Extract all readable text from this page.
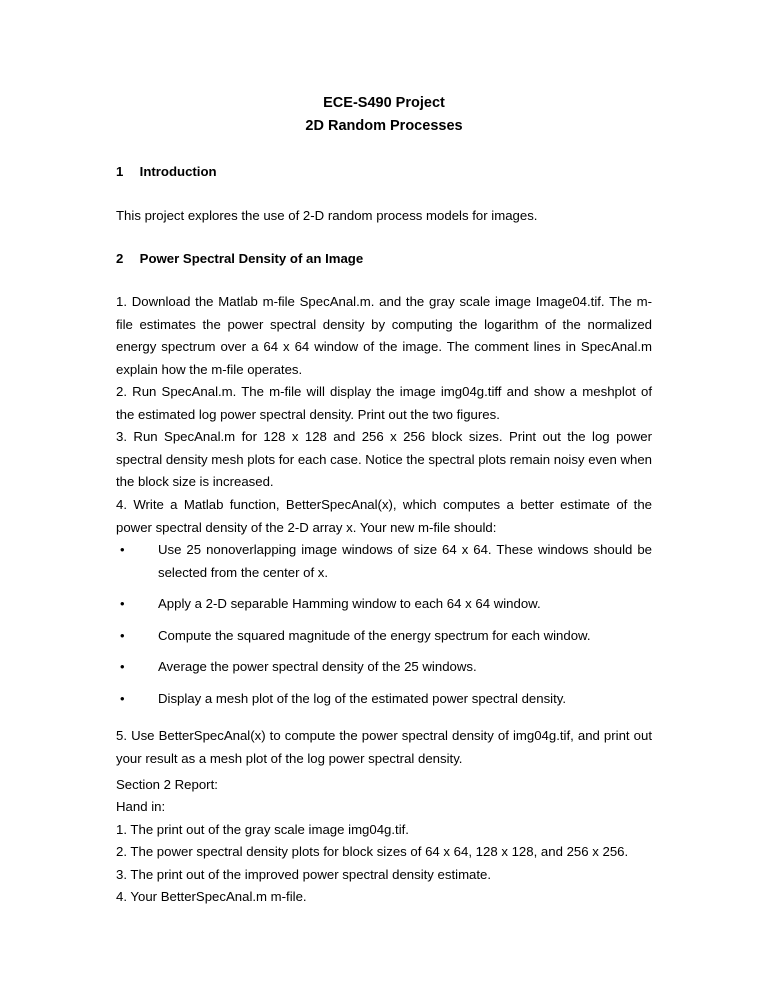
ECE-S490 Project
2D Random Processes
1 Introduction
This project explores the use of 2-D random process models for images.
2 Power Spectral Density of an Image
1. Download the Matlab m-file SpecAnal.m. and the gray scale image Image04.tif. The m-file estimates the power spectral density by computing the logarithm of the normalized energy spectrum over a 64 x 64 window of the image. The comment lines in SpecAnal.m explain how the m-file operates.
2. Run SpecAnal.m. The m-file will display the image img04g.tiff and show a meshplot of the estimated log power spectral density. Print out the two figures.
3. Run SpecAnal.m for 128 x 128 and 256 x 256 block sizes. Print out the log power spectral density mesh plots for each case. Notice the spectral plots remain noisy even when the block size is increased.
4. Write a Matlab function, BetterSpecAnal(x), which computes a better estimate of the power spectral density of the 2-D array x. Your new m-file should:
•	Use 25 nonoverlapping image windows of size 64 x 64. These windows should be selected from the center of x.
•	Apply a 2-D separable Hamming window to each 64 x 64 window.
•	Compute the squared magnitude of the energy spectrum for each window.
•	Average the power spectral density of the 25 windows.
•	Display a mesh plot of the log of the estimated power spectral density.
5. Use BetterSpecAnal(x) to compute the power spectral density of img04g.tif, and print out your result as a mesh plot of the log power spectral density.
Section 2 Report:
Hand in:
1. The print out of the gray scale image img04g.tif.
2. The power spectral density plots for block sizes of 64 x 64, 128 x 128, and 256 x 256.
3. The print out of the improved power spectral density estimate.
4. Your BetterSpecAnal.m m-file.
